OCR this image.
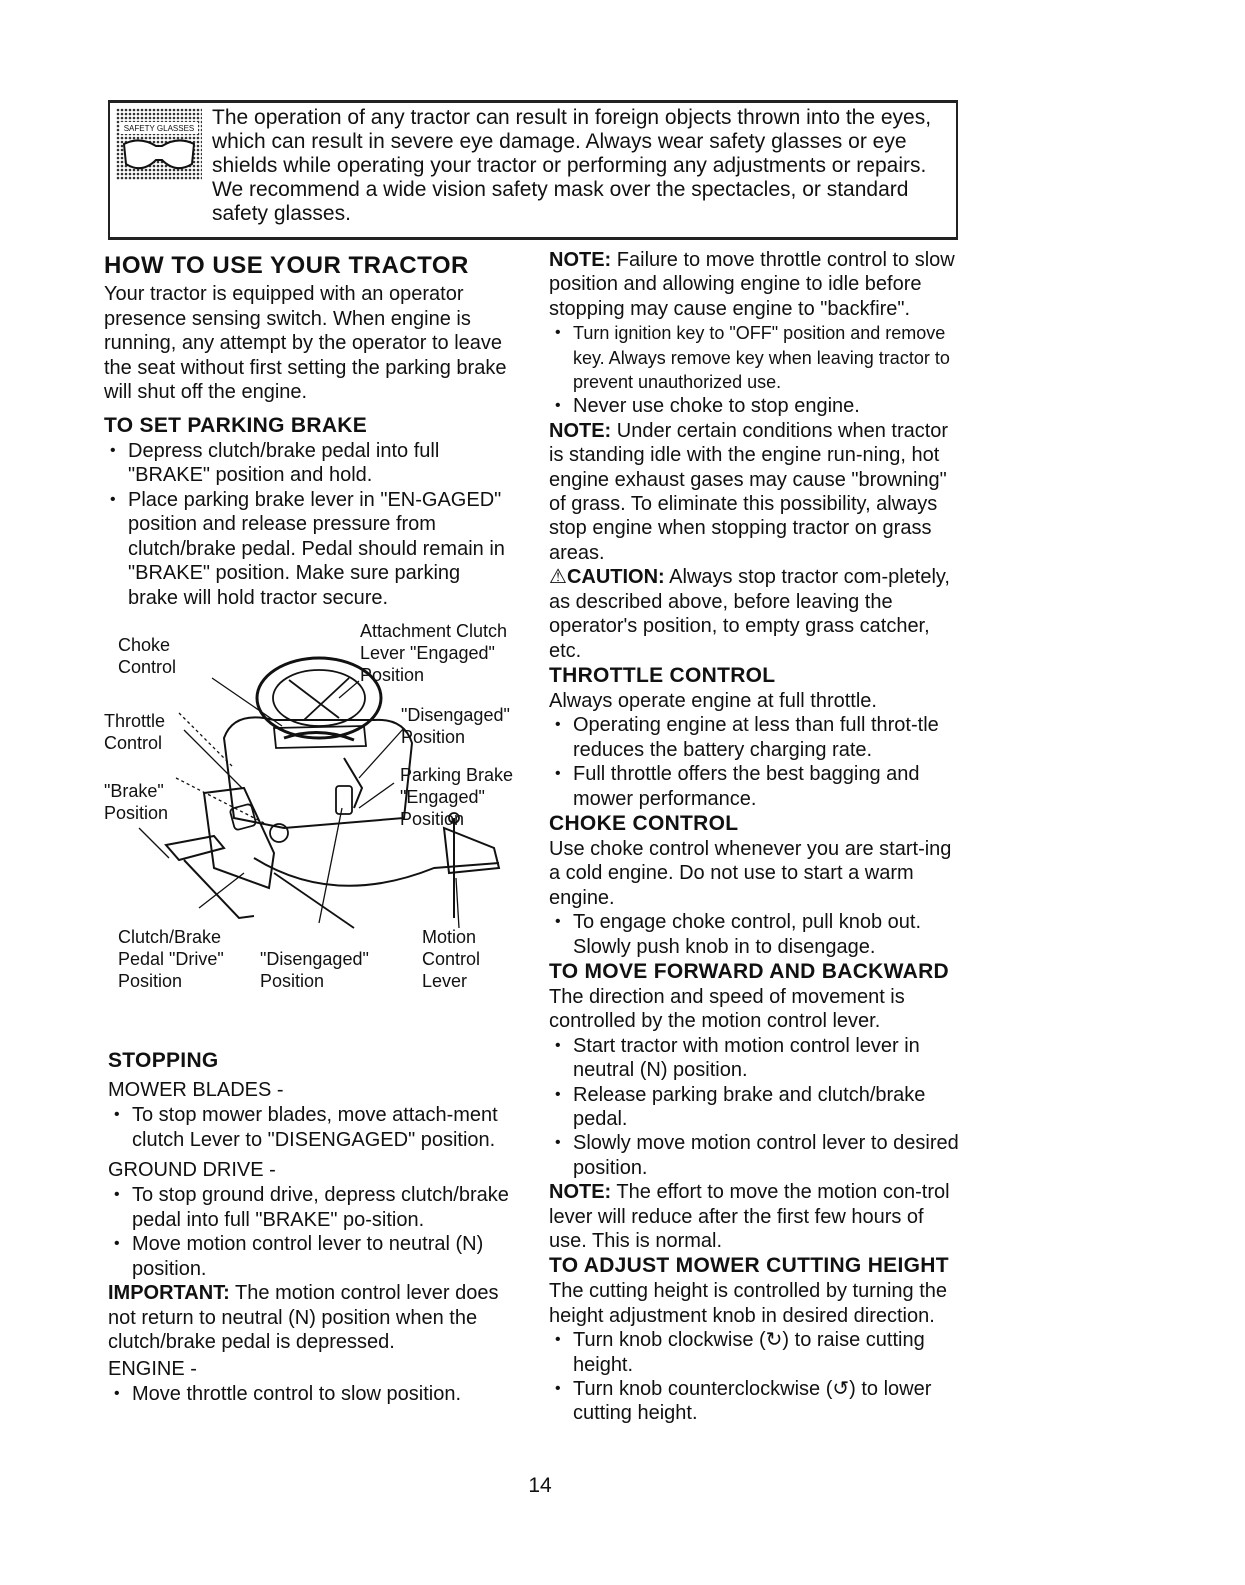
SAFETY GLASSES The operation of any tractor can result in foreign objects thrown into the eyes, which can result in severe eye damage. Always wear safety glasses or eye shields while operating your tractor or performing any adjustments or repairs. We recommend a wide vision safety mask over the spectacles, or standard safety glasses.
HOW TO USE YOUR TRACTOR

Your tractor is equipped with an operator presence sensing switch. When engine is running, any attempt by the operator to leave the seat without first setting the parking brake will shut off the engine.

TO SET PARKING BRAKE

• Depress clutch/brake pedal into full "BRAKE" position and hold.

• Place parking brake lever in "EN-GAGED" position and release pressure from clutch/brake pedal. Pedal should remain in "BRAKE" position. Make sure parking brake will hold tractor secure.

Choke Control
Throttle Control
"Brake" Position
Attachment Clutch Lever "Engaged" Position
"Disengaged" Position
Parking Brake "Engaged" Position
Clutch/Brake Pedal "Drive" Position
"Disengaged" Position
Motion Control Lever
STOPPING
MOWER BLADES -

• To stop mower blades, move attach-ment clutch Lever to "DISENGAGED" position.

GROUND DRIVE -

• To stop ground drive, depress clutch/brake pedal into full "BRAKE" po-sition.

• Move motion control lever to neutral (N) position.

IMPORTANT: The motion control lever does not return to neutral (N) position when the clutch/brake pedal is depressed.

ENGINE -

• Move throttle control to slow position.

NOTE: Failure to move throttle control to slow position and allowing engine to idle before stopping may cause engine to "backfire".

• Turn ignition key to "OFF" position and remove key. Always remove key when leaving tractor to prevent unauthorized use.

• Never use choke to stop engine.

NOTE: Under certain conditions when tractor is standing idle with the engine run-ning, hot engine exhaust gases may cause "browning" of grass. To eliminate this possibility, always stop engine when stopping tractor on grass areas.

⚠CAUTION: Always stop tractor com-pletely, as described above, before leaving the operator's position, to empty grass catcher, etc.

THROTTLE CONTROL

Always operate engine at full throttle.

• Operating engine at less than full throt-tle reduces the battery charging rate.

• Full throttle offers the best bagging and mower performance.

CHOKE CONTROL

Use choke control whenever you are start-ing a cold engine. Do not use to start a warm engine.

• To engage choke control, pull knob out. Slowly push knob in to disengage.

TO MOVE FORWARD AND BACKWARD

The direction and speed of movement is controlled by the motion control lever.

• Start tractor with motion control lever in neutral (N) position.

• Release parking brake and clutch/brake pedal.

• Slowly move motion control lever to desired position.

NOTE: The effort to move the motion con-trol lever will reduce after the first few hours of use. This is normal.

TO ADJUST MOWER CUTTING HEIGHT

The cutting height is controlled by turning the height adjustment knob in desired direction.

• Turn knob clockwise (↻) to raise cutting height.

• Turn knob counterclockwise (↺) to lower cutting height.

14
